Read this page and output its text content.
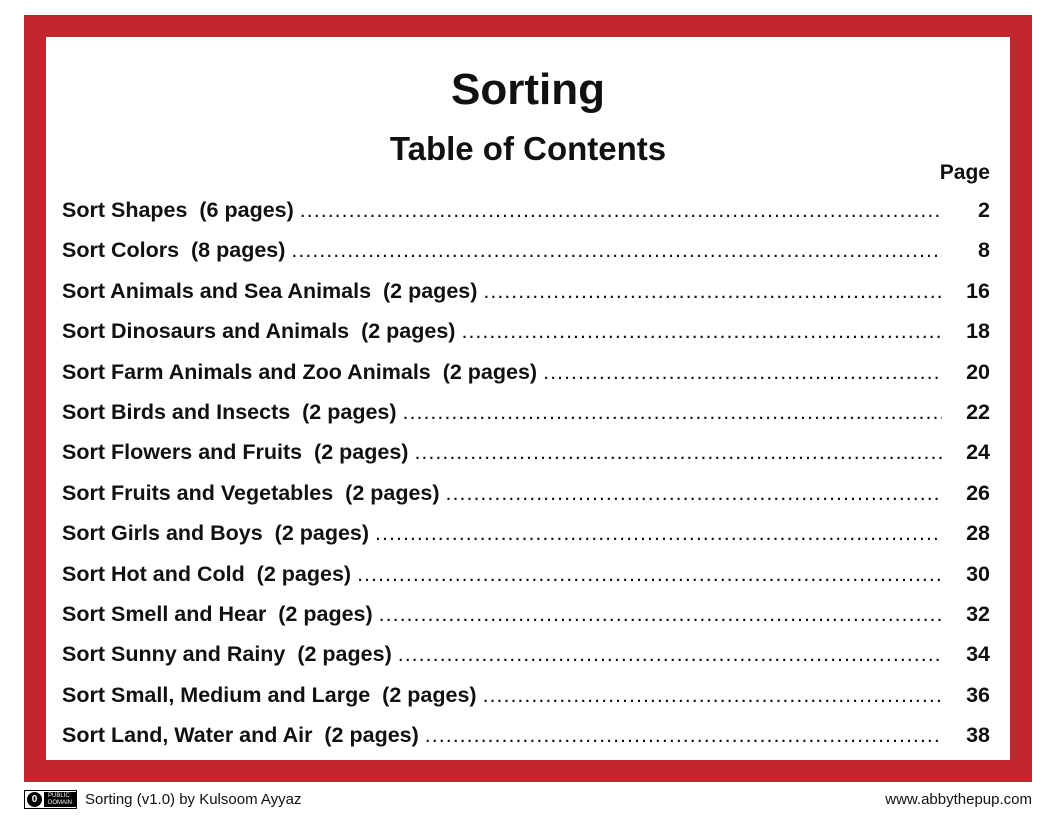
Sorting
Table of Contents
Page
Sort Shapes  (6 pages) .....	2
Sort Colors  (8 pages) .....	8
Sort Animals and Sea Animals  (2 pages) .....	16
Sort Dinosaurs and Animals  (2 pages) .....	18
Sort Farm Animals and Zoo Animals  (2 pages) .....	20
Sort Birds and Insects  (2 pages) .....	22
Sort Flowers and Fruits  (2 pages) .....	24
Sort Fruits and Vegetables  (2 pages) .....	26
Sort Girls and Boys  (2 pages) .....	28
Sort Hot and Cold  (2 pages) .....	30
Sort Smell and Hear  (2 pages) .....	32
Sort Sunny and Rainy  (2 pages) .....	34
Sort Small, Medium and Large  (2 pages) .....	36
Sort Land, Water and Air  (2 pages) .....	38
0	PUBLIC
DOMAIN Sorting (v1.0) by Kulsoom Ayyaz	www.abbythepup.com
